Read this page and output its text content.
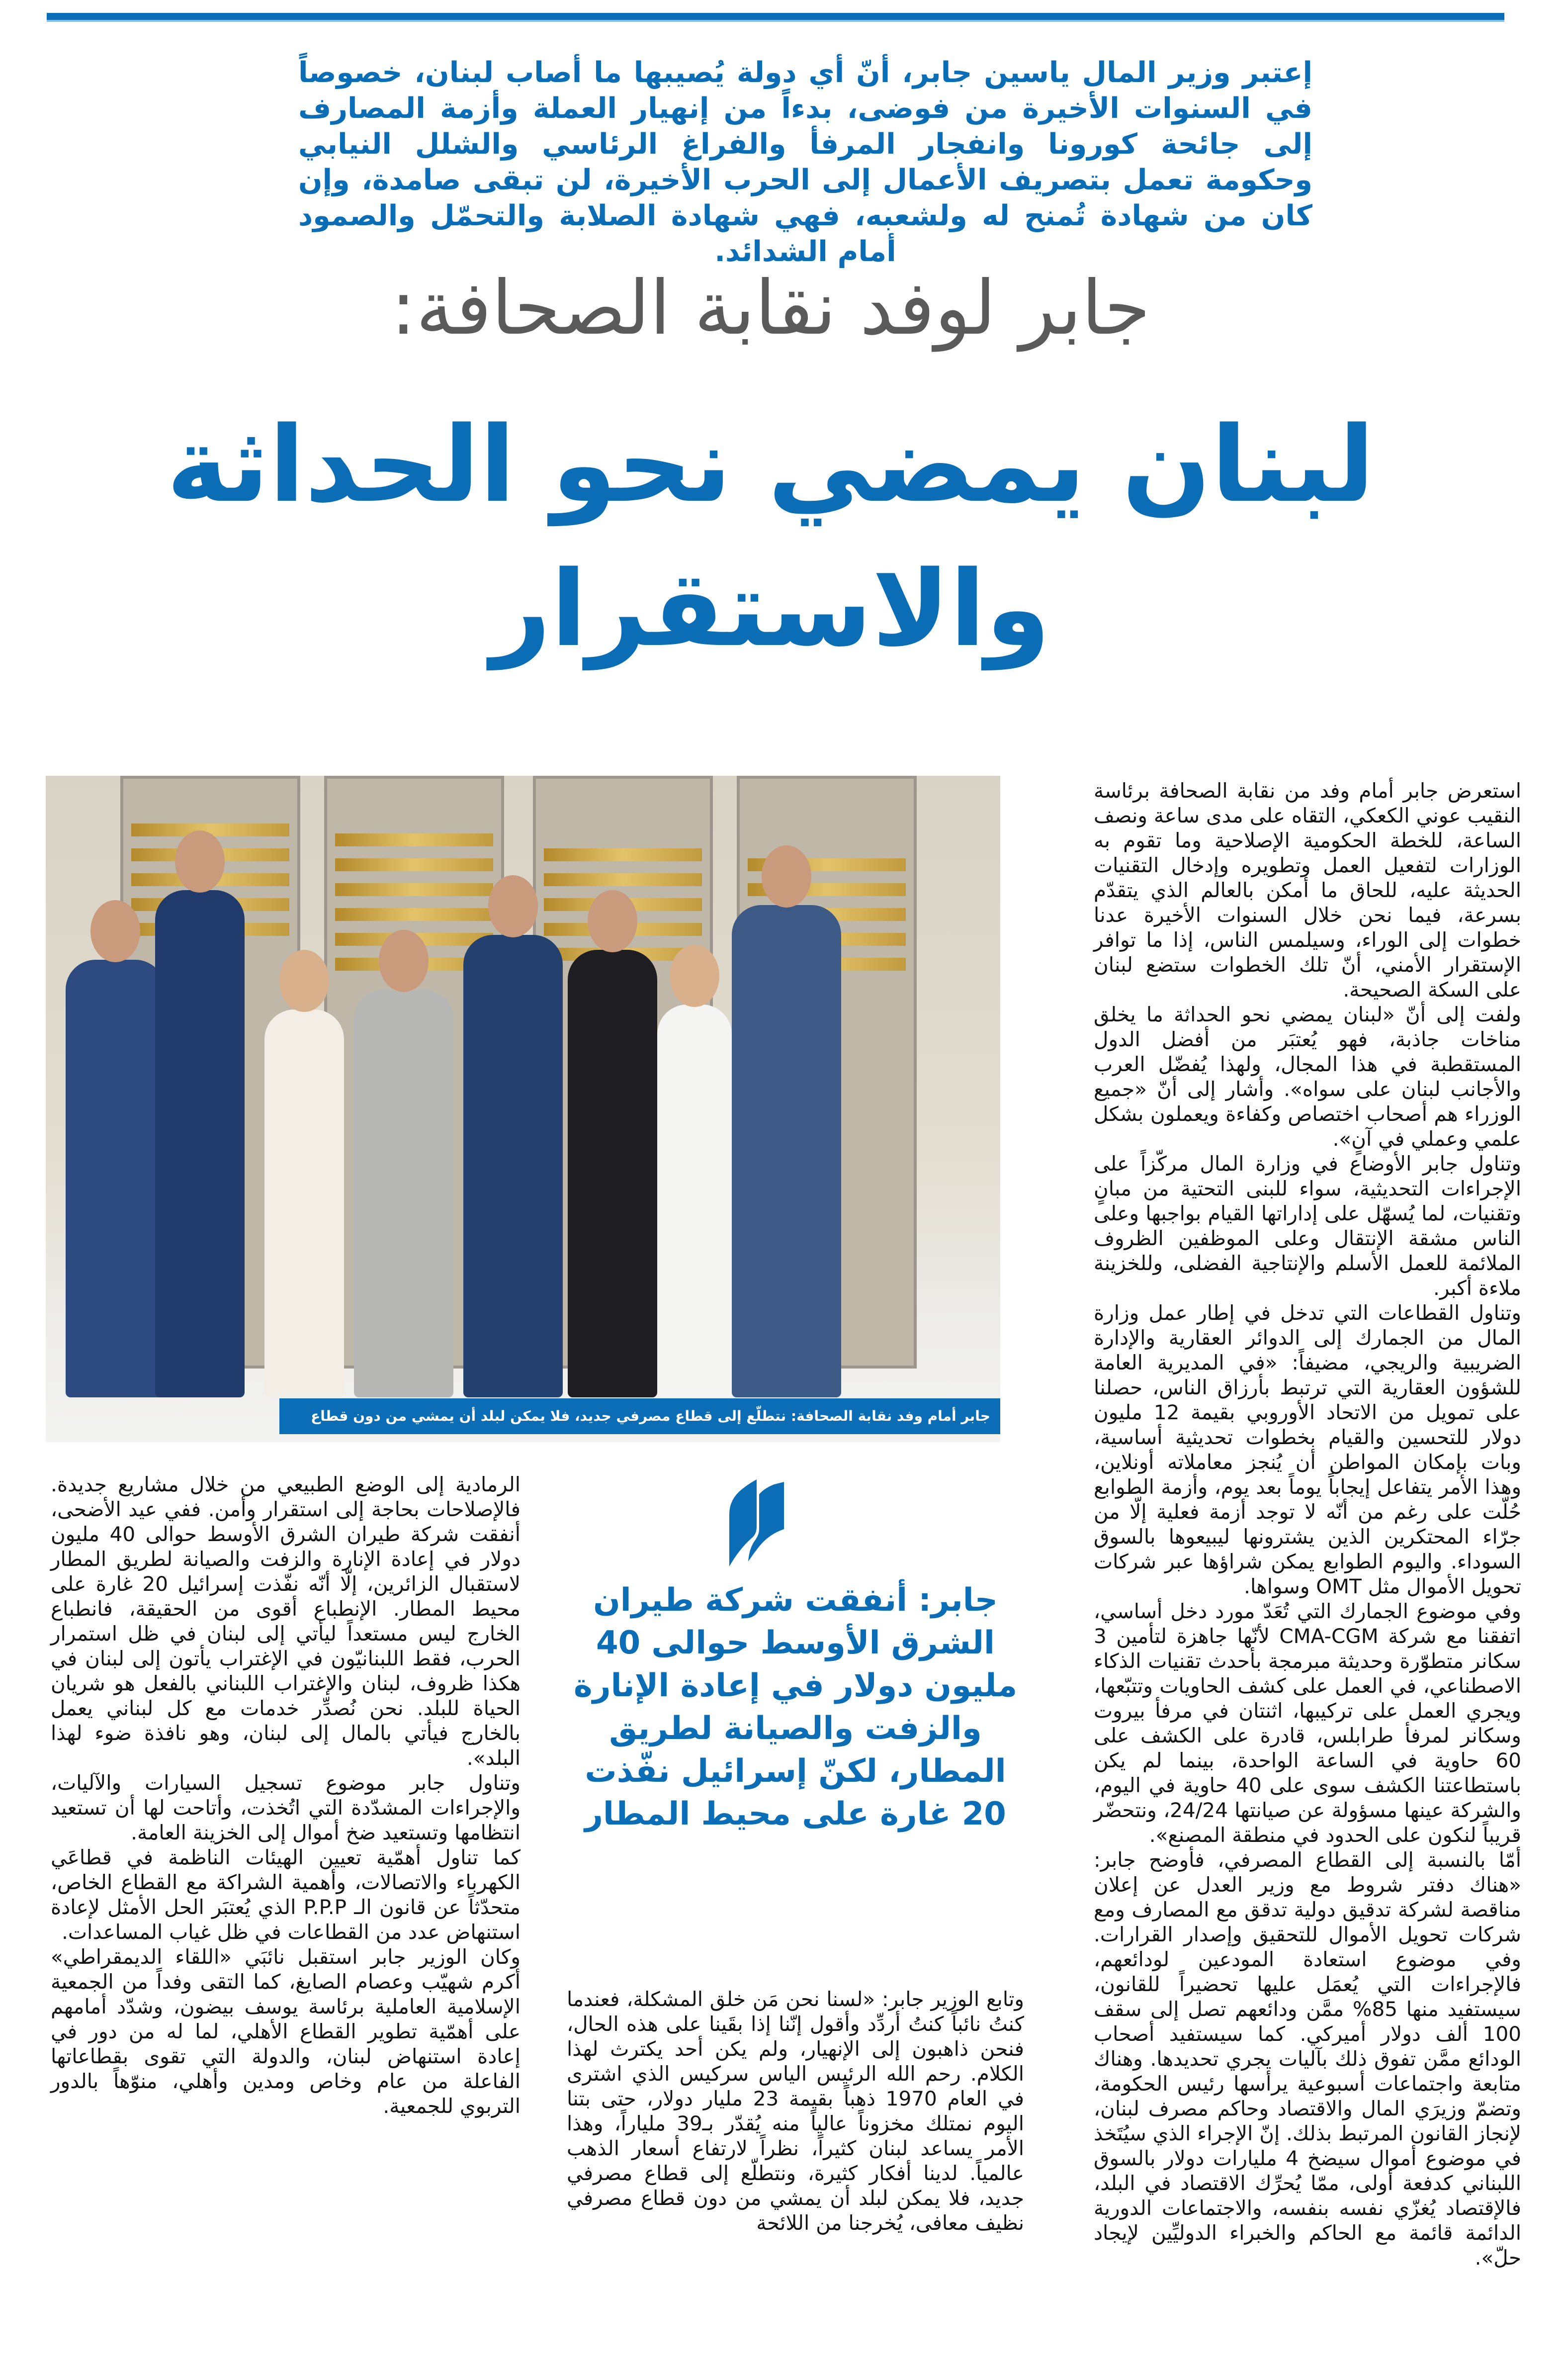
إعتبر وزير المال ياسين جابر، أنّ أي دولة يُصيبها ما أصاب لبنان، خصوصاً في السنوات الأخيرة من فوضى، بدءاً من إنهيار العملة وأزمة المصارف إلى جائحة كورونا وانفجار المرفأ والفراغ الرئاسي والشلل النيابي وحكومة تعمل بتصريف الأعمال إلى الحرب الأخيرة، لن تبقى صامدة، وإن كان من شهادة تُمنح له ولشعبه، فهي شهادة الصلابة والتحمّل والصمود أمام الشدائد.
جابر لوفد نقابة الصحافة:
لبنان يمضي نحو الحداثة والاستقرار

استعرض جابر أمام وفد من نقابة الصحافة برئاسة النقيب عوني الكعكي، التقاه على مدى ساعة ونصف الساعة، للخطة الحكومية الإصلاحية وما تقوم به الوزارات لتفعيل العمل وتطويره وإدخال التقنيات الحديثة عليه، للحاق ما أمكن بالعالم الذي يتقدّم بسرعة، فيما نحن خلال السنوات الأخيرة عدنا خطوات إلى الوراء، وسيلمس الناس، إذا ما توافر الإستقرار الأمني، أنّ تلك الخطوات ستضع لبنان على السكة الصحيحة.

ولفت إلى أنّ «لبنان يمضي نحو الحداثة ما يخلق مناخات جاذبة، فهو يُعتبَر من أفضل الدول المستقطبة في هذا المجال، ولهذا يُفضّل العرب والأجانب لبنان على سواه». وأشار إلى أنّ «جميع الوزراء هم أصحاب اختصاص وكفاءة ويعملون بشكل علمي وعملي في آنٍ».

وتناول جابر الأوضاع في وزارة المال مركّزاً على الإجراءات التحديثية، سواء للبنى التحتية من مبانٍ وتقنيات، لما يُسهّل على إداراتها القيام بواجبها وعلى الناس مشقة الإنتقال وعلى الموظفين الظروف الملائمة للعمل الأسلم والإنتاجية الفضلى، وللخزينة ملاءة أكبر.

وتناول القطاعات التي تدخل في إطار عمل وزارة المال من الجمارك إلى الدوائر العقارية والإدارة الضريبية والريجي، مضيفاً: «في المديرية العامة للشؤون العقارية التي ترتبط بأرزاق الناس، حصلنا على تمويل من الاتحاد الأوروبي بقيمة 12 مليون دولار للتحسين والقيام بخطوات تحديثية أساسية، وبات بإمكان المواطن أن يُنجز معاملاته أونلاين، وهذا الأمر يتفاعل إيجاباً يوماً بعد يوم، وأزمة الطوابع حُلّت على رغم من أنّه لا توجد أزمة فعلية إلّا من جرّاء المحتكرين الذين يشترونها ليبيعوها بالسوق السوداء. واليوم الطوابع يمكن شراؤها عبر شركات تحويل الأموال مثل OMT وسواها.

وفي موضوع الجمارك التي تُعَدّ مورد دخل أساسي، اتفقنا مع شركة CMA-CGM لأنّها جاهزة لتأمين 3 سكانر متطوّرة وحديثة مبرمجة بأحدث تقنيات الذكاء الاصطناعي، في العمل على كشف الحاويات وتتبّعها، ويجري العمل على تركيبها، اثنتان في مرفأ بيروت وسكانر لمرفأ طرابلس، قادرة على الكشف على 60 حاوية في الساعة الواحدة، بينما لم يكن باستطاعتنا الكشف سوى على 40 حاوية في اليوم، والشركة عينها مسؤولة عن صيانتها 24/24، ونتحضّر قريباً لنكون على الحدود في منطقة المصنع».

أمّا بالنسبة إلى القطاع المصرفي، فأوضح جابر: «هناك دفتر شروط مع وزير العدل عن إعلان مناقصة لشركة تدقيق دولية تدقق مع المصارف ومع شركات تحويل الأموال للتحقيق وإصدار القرارات. وفي موضوع استعادة المودعين لودائعهم، فالإجراءات التي يُعمَل عليها تحضيراً للقانون، سيستفيد منها 85% ممَّن ودائعهم تصل إلى سقف 100 ألف دولار أميركي. كما سيستفيد أصحاب الودائع ممَّن تفوق ذلك بآليات يجري تحديدها. وهناك متابعة واجتماعات أسبوعية يرأسها رئيس الحكومة، وتضمّ وزيرَي المال والاقتصاد وحاكم مصرف لبنان، لإنجاز القانون المرتبط بذلك. إنّ الإجراء الذي سيُتَخذ في موضوع أموال سيضخ 4 مليارات دولار بالسوق اللبناني كدفعة أولى، ممّا يُحرِّك الاقتصاد في البلد، فالإقتصاد يُغزّي نفسه بنفسه، والاجتماعات الدورية الدائمة قائمة مع الحاكم والخبراء الدوليِّين لإيجاد حلّ».

جابر أمام وفد نقابة الصحافة: نتطلّع إلى قطاع مصرفي جديد، فلا يمكن لبلد أن يمشي من دون قطاع مصرفي نظيف معافى
جابر: أنفقت شركة طيران الشرق الأوسط حوالى 40 مليون دولار في إعادة الإنارة والزفت والصيانة لطريق المطار، لكنّ إسرائيل نفّذت 20 غارة على محيط المطار

وتابع الوزير جابر: «لسنا نحن مَن خلق المشكلة، فعندما كنتُ نائباً كنتُ أردِّد وأقول إنّنا إذا بقَينا على هذه الحال، فنحن ذاهبون إلى الإنهيار، ولم يكن أحد يكترث لهذا الكلام. رحم الله الرئيس الياس سركيس الذي اشترى في العام 1970 ذهباً بقيمة 23 مليار دولار، حتى بتنا اليوم نمتلك مخزوناً عالياً منه يُقدّر بـ39 ملياراً، وهذا الأمر يساعد لبنان كثيراً، نظراً لارتفاع أسعار الذهب عالمياً. لدينا أفكار كثيرة، ونتطلّع إلى قطاع مصرفي جديد، فلا يمكن لبلد أن يمشي من دون قطاع مصرفي نظيف معافى، يُخرجنا من اللائحة

الرمادية إلى الوضع الطبيعي من خلال مشاريع جديدة. فالإصلاحات بحاجة إلى استقرار وأمن. ففي عيد الأضحى، أنفقت شركة طيران الشرق الأوسط حوالى 40 مليون دولار في إعادة الإنارة والزفت والصيانة لطريق المطار لاستقبال الزائرين، إلّا أنّه نفّذت إسرائيل 20 غارة على محيط المطار. الإنطباع أقوى من الحقيقة، فانطباع الخارج ليس مستعداً ليأتي إلى لبنان في ظل استمرار الحرب، فقط اللبنانيّون في الإغتراب يأتون إلى لبنان في هكذا ظروف، لبنان والإغتراب اللبناني بالفعل هو شريان الحياة للبلد. نحن نُصدِّر خدمات مع كل لبناني يعمل بالخارج فيأتي بالمال إلى لبنان، وهو نافذة ضوء لهذا البلد».

وتناول جابر موضوع تسجيل السيارات والآليات، والإجراءات المشدّدة التي اتُخذت، وأتاحت لها أن تستعيد انتظامها وتستعيد ضخ أموال إلى الخزينة العامة.

كما تناول أهمّية تعيين الهيئات الناظمة في قطاعَي الكهرباء والاتصالات، وأهمية الشراكة مع القطاع الخاص، متحدّثاً عن قانون الـ P.P.P الذي يُعتبَر الحل الأمثل لإعادة استنهاض عدد من القطاعات في ظل غياب المساعدات.

وكان الوزير جابر استقبل نائبَي «اللقاء الديمقراطي» أكرم شهيّب وعصام الصايغ، كما التقى وفداً من الجمعية الإسلامية العاملية برئاسة يوسف بيضون، وشدّد أمامهم على أهمّية تطوير القطاع الأهلي، لما له من دور في إعادة استنهاض لبنان، والدولة التي تقوى بقطاعاتها الفاعلة من عام وخاص ومدين وأهلي، منوّهاً بالدور التربوي للجمعية.
